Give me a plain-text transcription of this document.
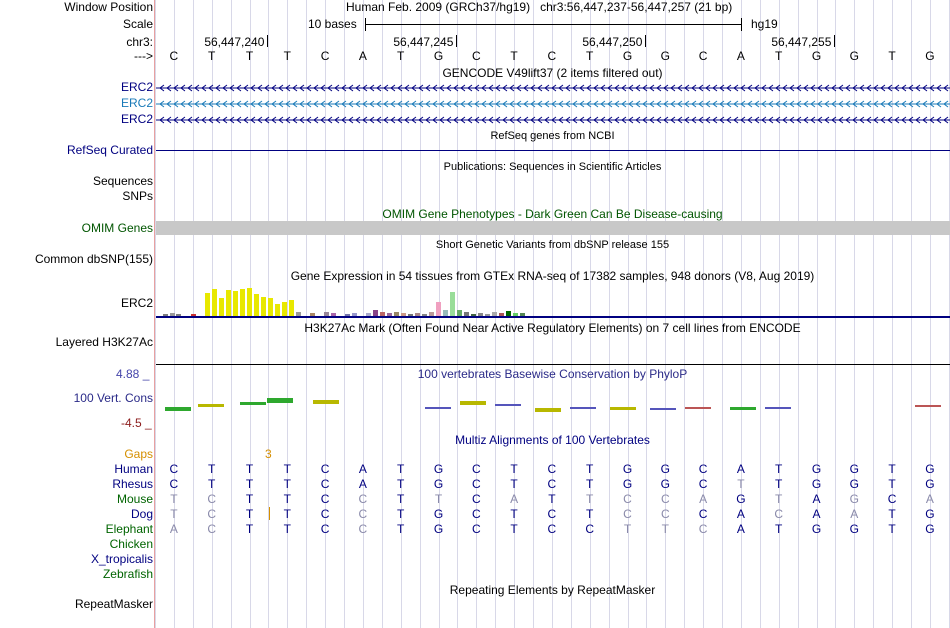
Window Position	Human Feb. 2009 (GRCh37/hg19) chr3:56,447,237-56,447,257 (21 bp)
Scale	10 bases	hg19
chr3:	56,447,240	56,447,245	56,447,250	56,447,255
--->	C	T	T	T	C	A	T	G	C	T	C	T	G	G	C	A	T	G	G	T	G
GENCODE V49lift37 (2 items filtered out)
ERC2
ERC2
ERC2
RefSeq genes from NCBI
RefSeq Curated
Publications: Sequences in Scientific Articles
Sequences
SNPs
OMIM Gene Phenotypes - Dark Green Can Be Disease-causing
OMIM Genes
Short Genetic Variants from dbSNP release 155
Common dbSNP(155)
Gene Expression in 54 tissues from GTEx RNA-seq of 17382 samples, 948 donors (V8, Aug 2019)
ERC2
H3K27Ac Mark (Often Found Near Active Regulatory Elements) on 7 cell lines from ENCODE
Layered H3K27Ac
4.88 _	100 vertebrates Basewise Conservation by PhyloP
100 Vert. Cons
-4.5 _
Multiz Alignments of 100 Vertebrates
Gaps	3
Human	C	T	T	T	C	A	T	G	C	T	C	T	G	G	C	A	T	G	G	T	G
Rhesus	C	T	T	T	C	A	T	G	C	T	C	T	G	G	C	T	T	G	G	T	G
Mouse	T	C	T	T	C	C	T	T	C	A	T	T	C	C	A	G	T	A	G	C	A
Dog	T	C	T	T	C	C	T	G	C	T	C	T	C	C	C	A	C	A	A	T	G
Elephant	A	C	T	T	C	C	T	G	C	T	C	C	T	T	C	A	T	G	G	T	G
Chicken
X_tropicalis
Zebrafish
Repeating Elements by RepeatMasker
RepeatMasker
